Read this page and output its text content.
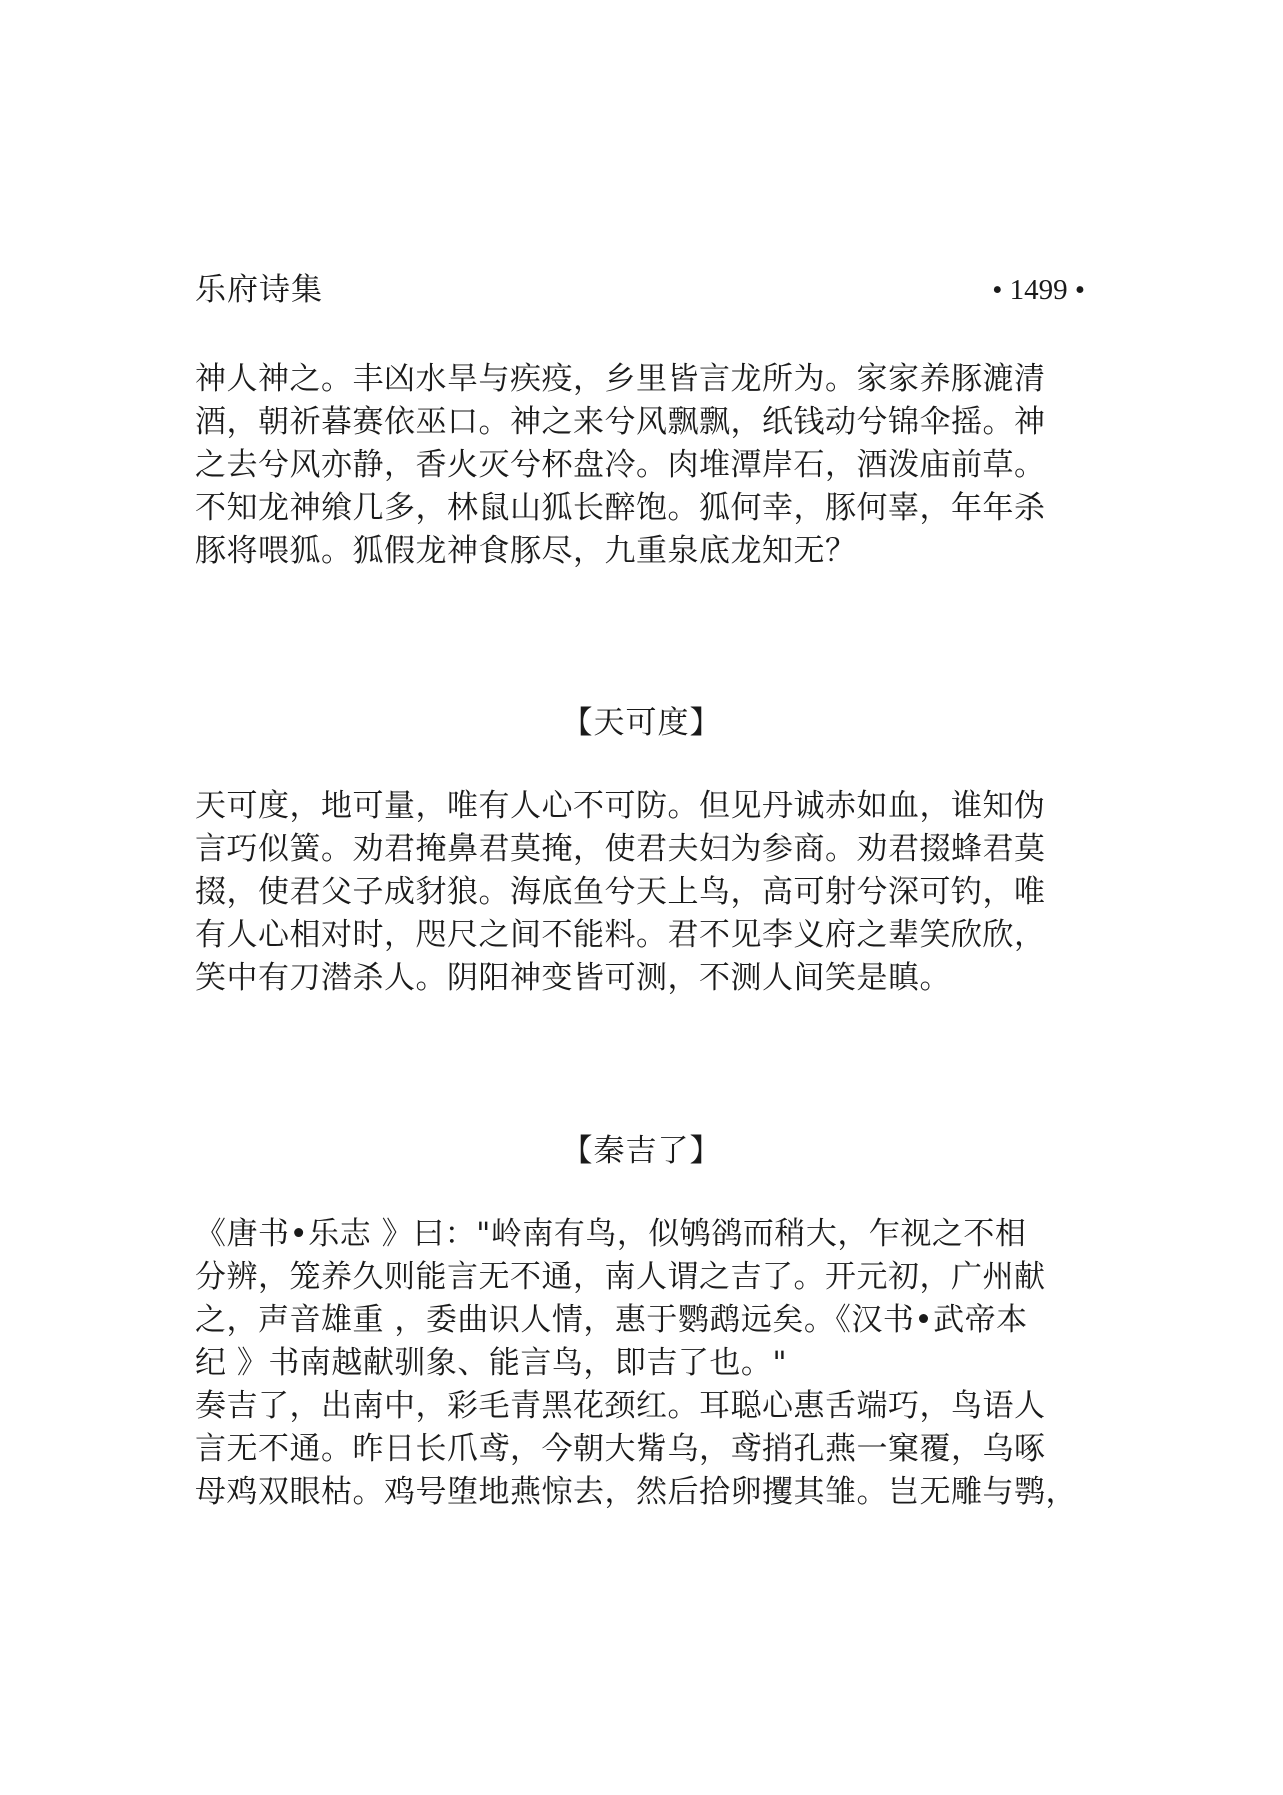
乐府诗集	• 1499 •
神人神之。丰凶水旱与疾疫，乡里皆言龙所为。家家养豚漉清
酒，朝祈暮赛依巫口。神之来兮风飘飘，纸钱动兮锦伞摇。神
之去兮风亦静，香火灭兮杯盘冷。肉堆潭岸石，酒泼庙前草。
不知龙神飨几多，林鼠山狐长醉饱。狐何幸，豚何辜，年年杀
豚将喂狐。狐假龙神食豚尽，九重泉底龙知无？
【天可度】
天可度，地可量，唯有人心不可防。但见丹诚赤如血，谁知伪
言巧似簧。劝君掩鼻君莫掩，使君夫妇为参商。劝君掇蜂君莫
掇，使君父子成豺狼。海底鱼兮天上鸟，高可射兮深可钓，唯
有人心相对时，咫尺之间不能料。君不见李义府之辈笑欣欣，
笑中有刀潜杀人。阴阳神变皆可测，不测人间笑是瞋。
【秦吉了】
《唐书•乐志 》曰："岭南有鸟，似鸲鹆而稍大，乍视之不相
分辨，笼养久则能言无不通，南人谓之吉了。开元初，广州献
之，声音雄重 ，委曲识人情，惠于鹦鹉远矣。《汉书•武帝本
纪 》书南越献驯象、能言鸟，即吉了也。"
奏吉了，出南中，彩毛青黑花颈红。耳聪心惠舌端巧，鸟语人
言无不通。昨日长爪鸢，今朝大觜乌，鸢捎孔燕一窠覆，乌啄
母鸡双眼枯。鸡号堕地燕惊去，然后拾卵攫其雏。岂无雕与鹗，
